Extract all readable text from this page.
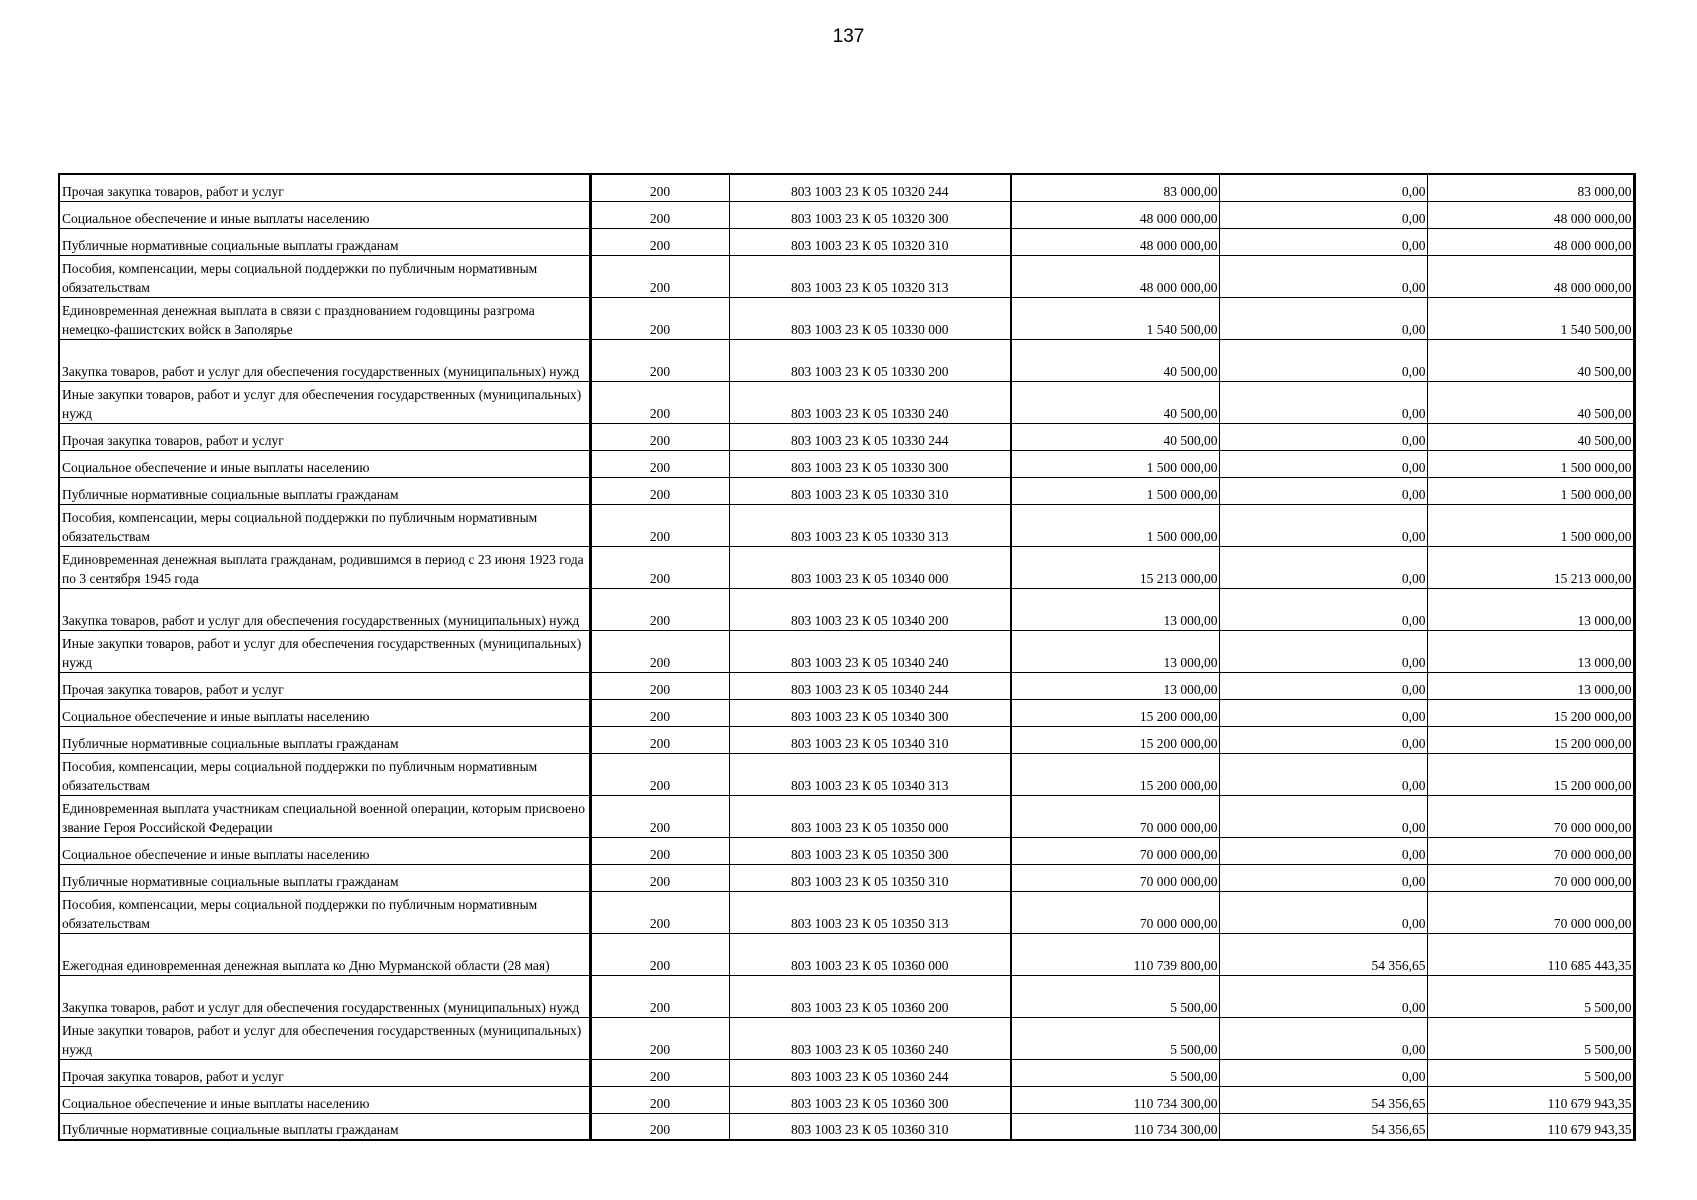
137
Прочая закупка товаров, работ и услуг	200	803 1003 23 К 05 10320 244	83 000,00	0,00	83 000,00

Социальное обеспечение и иные выплаты населению	200	803 1003 23 К 05 10320 300	48 000 000,00	0,00	48 000 000,00

Публичные нормативные социальные выплаты гражданам	200	803 1003 23 К 05 10320 310	48 000 000,00	0,00	48 000 000,00

Пособия, компенсации, меры социальной поддержки по публичным нормативным обязательствам	200	803 1003 23 К 05 10320 313	48 000 000,00	0,00	48 000 000,00

Единовременная денежная выплата в связи с празднованием годовщины разгрома немецко-фашистских войск в Заполярье	200	803 1003 23 К 05 10330 000	1 540 500,00	0,00	1 540 500,00

Закупка товаров, работ и услуг для обеспечения государственных (муниципальных) нужд	200	803 1003 23 К 05 10330 200	40 500,00	0,00	40 500,00

Иные закупки товаров, работ и услуг для обеспечения государственных (муниципальных) нужд	200	803 1003 23 К 05 10330 240	40 500,00	0,00	40 500,00

Прочая закупка товаров, работ и услуг	200	803 1003 23 К 05 10330 244	40 500,00	0,00	40 500,00

Социальное обеспечение и иные выплаты населению	200	803 1003 23 К 05 10330 300	1 500 000,00	0,00	1 500 000,00

Публичные нормативные социальные выплаты гражданам	200	803 1003 23 К 05 10330 310	1 500 000,00	0,00	1 500 000,00

Пособия, компенсации, меры социальной поддержки по публичным нормативным обязательствам	200	803 1003 23 К 05 10330 313	1 500 000,00	0,00	1 500 000,00

Единовременная денежная выплата гражданам, родившимся в период с 23 июня 1923 года по 3 сентября 1945 года	200	803 1003 23 К 05 10340 000	15 213 000,00	0,00	15 213 000,00

Закупка товаров, работ и услуг для обеспечения государственных (муниципальных) нужд	200	803 1003 23 К 05 10340 200	13 000,00	0,00	13 000,00

Иные закупки товаров, работ и услуг для обеспечения государственных (муниципальных) нужд	200	803 1003 23 К 05 10340 240	13 000,00	0,00	13 000,00

Прочая закупка товаров, работ и услуг	200	803 1003 23 К 05 10340 244	13 000,00	0,00	13 000,00

Социальное обеспечение и иные выплаты населению	200	803 1003 23 К 05 10340 300	15 200 000,00	0,00	15 200 000,00

Публичные нормативные социальные выплаты гражданам	200	803 1003 23 К 05 10340 310	15 200 000,00	0,00	15 200 000,00

Пособия, компенсации, меры социальной поддержки по публичным нормативным обязательствам	200	803 1003 23 К 05 10340 313	15 200 000,00	0,00	15 200 000,00

Единовременная выплата участникам специальной военной операции, которым присвоено звание Героя Российской Федерации	200	803 1003 23 К 05 10350 000	70 000 000,00	0,00	70 000 000,00

Социальное обеспечение и иные выплаты населению	200	803 1003 23 К 05 10350 300	70 000 000,00	0,00	70 000 000,00

Публичные нормативные социальные выплаты гражданам	200	803 1003 23 К 05 10350 310	70 000 000,00	0,00	70 000 000,00

Пособия, компенсации, меры социальной поддержки по публичным нормативным обязательствам	200	803 1003 23 К 05 10350 313	70 000 000,00	0,00	70 000 000,00

Ежегодная единовременная денежная выплата ко Дню Мурманской области (28 мая)	200	803 1003 23 К 05 10360 000	110 739 800,00	54 356,65	110 685 443,35

Закупка товаров, работ и услуг для обеспечения государственных (муниципальных) нужд	200	803 1003 23 К 05 10360 200	5 500,00	0,00	5 500,00

Иные закупки товаров, работ и услуг для обеспечения государственных (муниципальных) нужд	200	803 1003 23 К 05 10360 240	5 500,00	0,00	5 500,00

Прочая закупка товаров, работ и услуг	200	803 1003 23 К 05 10360 244	5 500,00	0,00	5 500,00

Социальное обеспечение и иные выплаты населению	200	803 1003 23 К 05 10360 300	110 734 300,00	54 356,65	110 679 943,35

Публичные нормативные социальные выплаты гражданам	200	803 1003 23 К 05 10360 310	110 734 300,00	54 356,65	110 679 943,35
